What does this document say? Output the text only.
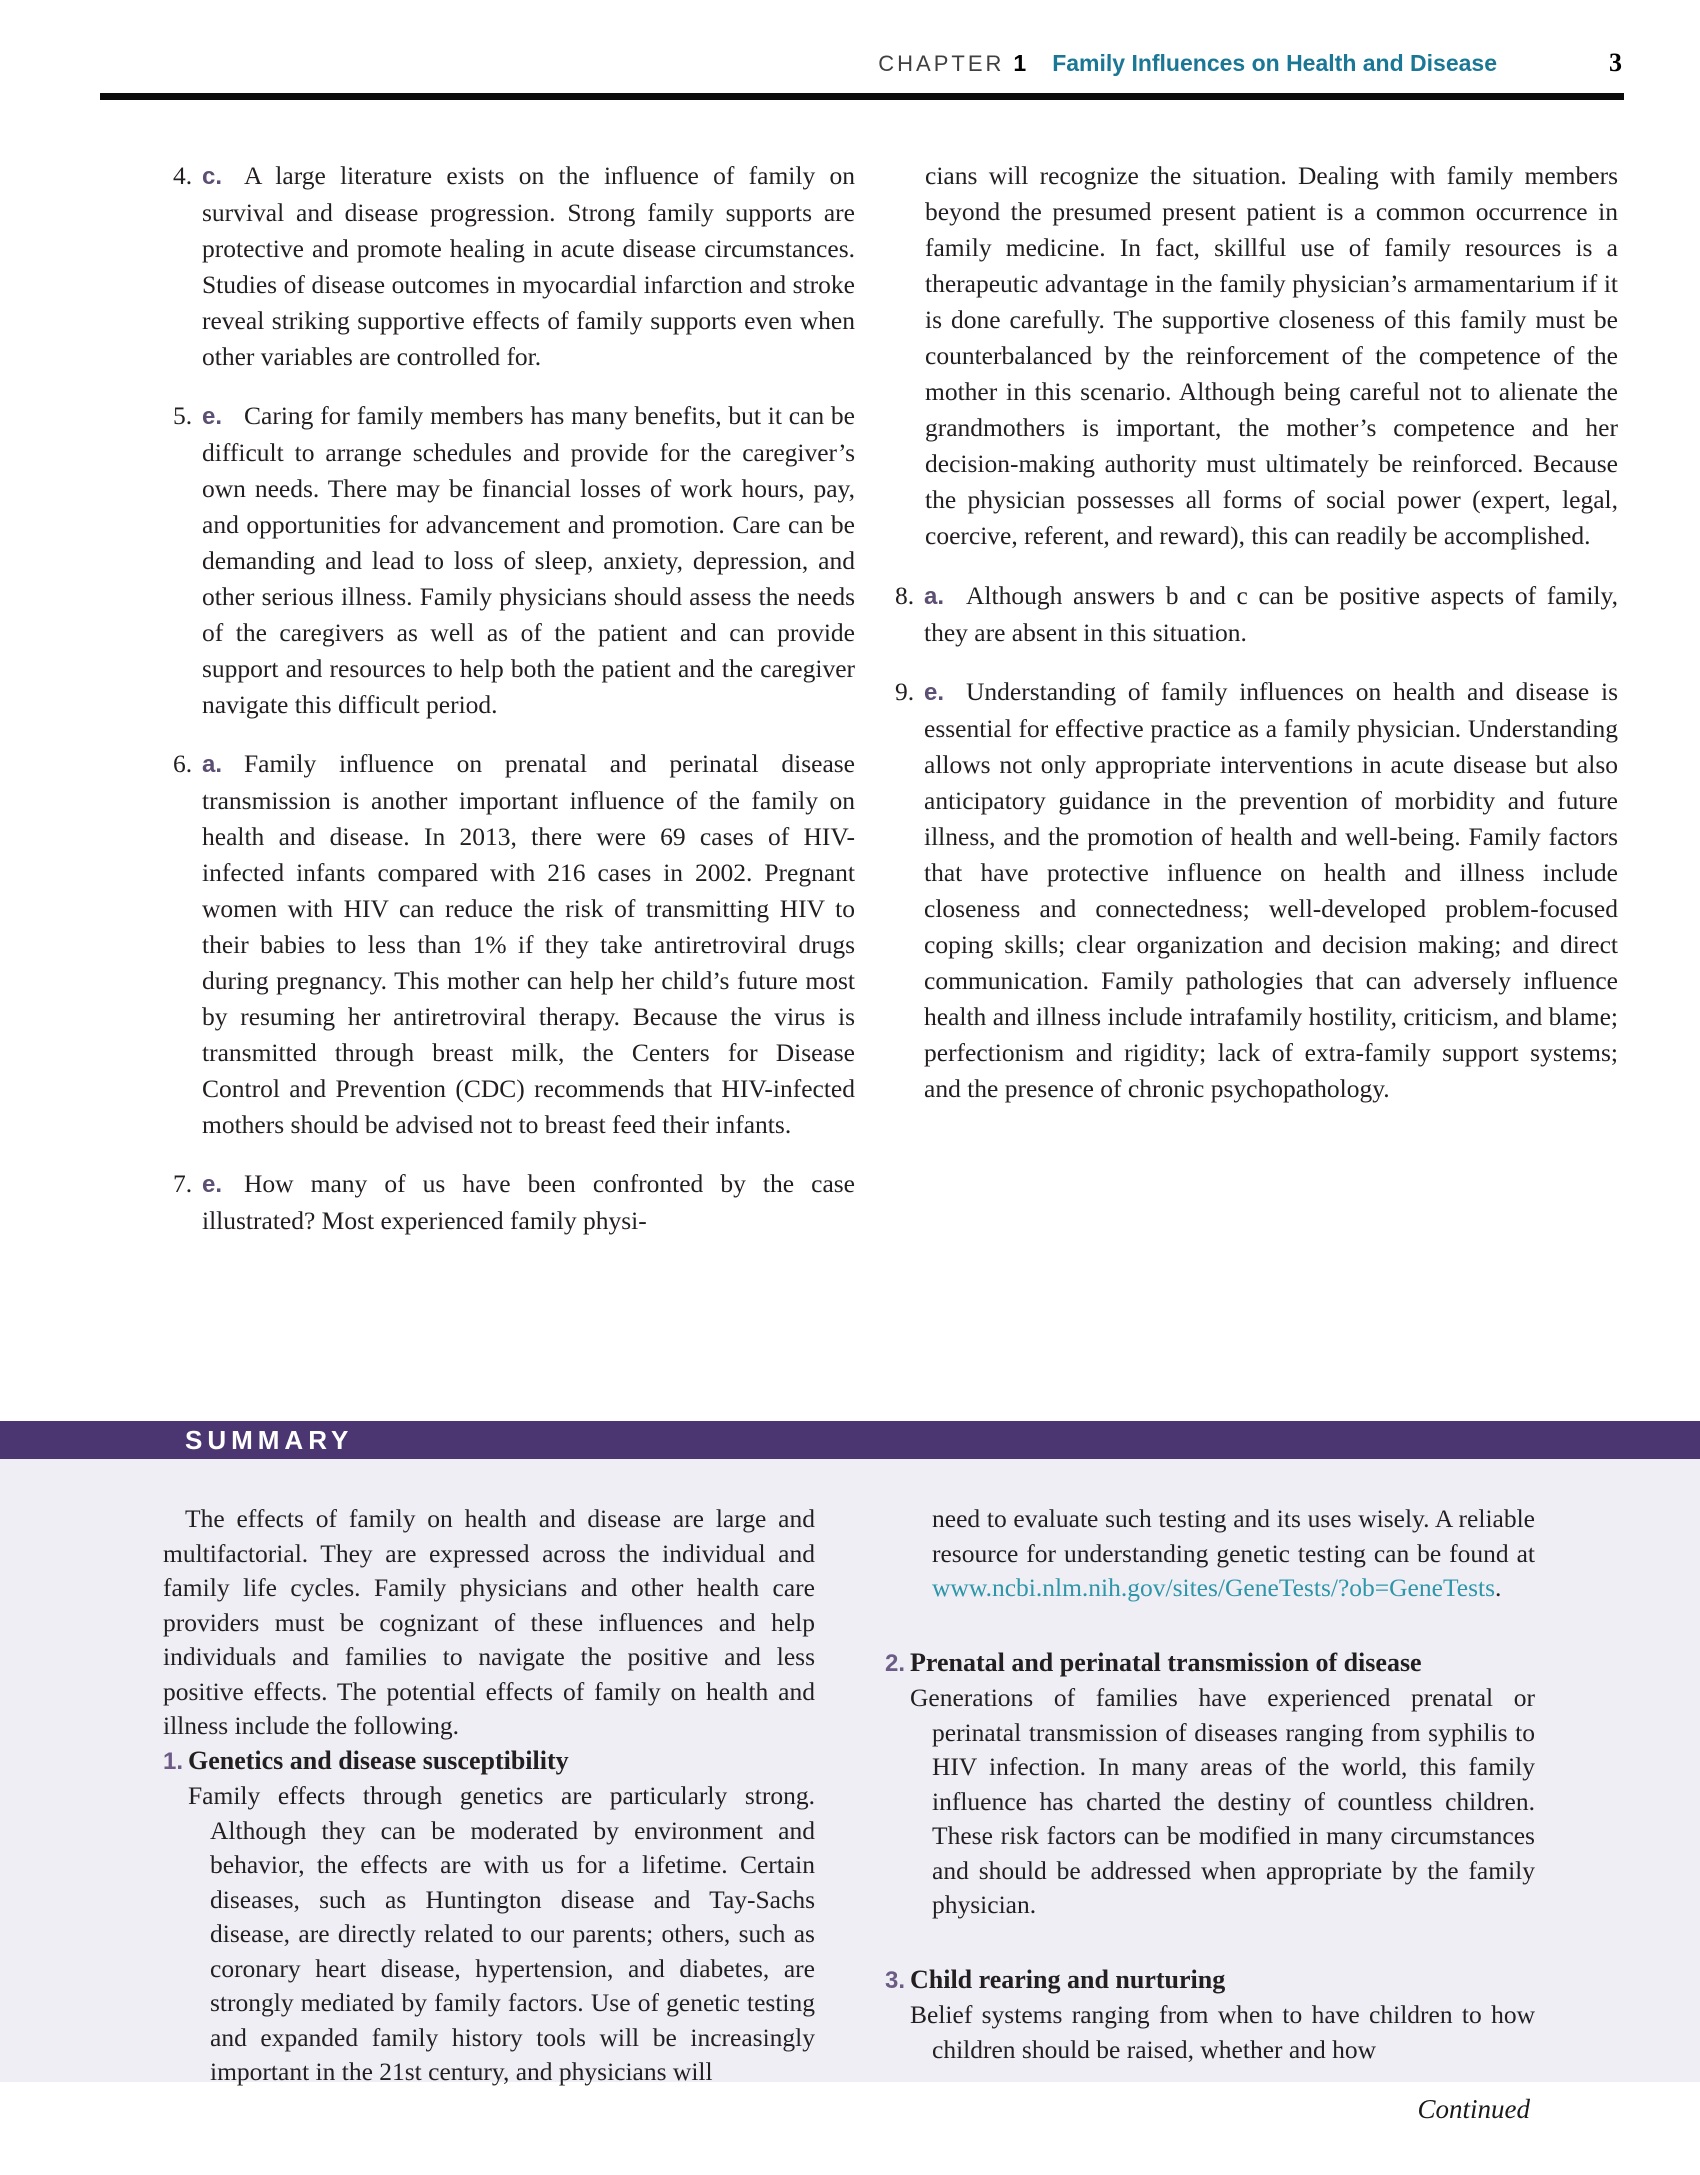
CHAPTER 1 Family Influences on Health and Disease	3
4. c. A large literature exists on the influence of family on survival and disease progression. Strong family supports are protective and promote healing in acute disease circumstances. Studies of disease outcomes in myocardial infarction and stroke reveal striking supportive effects of family supports even when other variables are controlled for.
5. e. Caring for family members has many benefits, but it can be difficult to arrange schedules and provide for the caregiver’s own needs. There may be financial losses of work hours, pay, and opportunities for advancement and promotion. Care can be demanding and lead to loss of sleep, anxiety, depression, and other serious illness. Family physicians should assess the needs of the caregivers as well as of the patient and can provide support and resources to help both the patient and the caregiver navigate this difficult period.
6. a. Family influence on prenatal and perinatal disease transmission is another important influence of the family on health and disease. In 2013, there were 69 cases of HIV-infected infants compared with 216 cases in 2002. Pregnant women with HIV can reduce the risk of transmitting HIV to their babies to less than 1% if they take antiretroviral drugs during pregnancy. This mother can help her child’s future most by resuming her antiretroviral therapy. Because the virus is transmitted through breast milk, the Centers for Disease Control and Prevention (CDC) recommends that HIV-infected mothers should be advised not to breast feed their infants.
7. e. How many of us have been confronted by the case illustrated? Most experienced family physi-

cians will recognize the situation. Dealing with family members beyond the presumed present patient is a common occurrence in family medicine. In fact, skillful use of family resources is a therapeutic advantage in the family physician’s armamentarium if it is done carefully. The supportive closeness of this family must be counterbalanced by the reinforcement of the competence of the mother in this scenario. Although being careful not to alienate the grandmothers is important, the mother’s competence and her decision-making authority must ultimately be reinforced. Because the physician possesses all forms of social power (expert, legal, coercive, referent, and reward), this can readily be accomplished.

8. a. Although answers b and c can be positive aspects of family, they are absent in this situation.
9. e. Understanding of family influences on health and disease is essential for effective practice as a family physician. Understanding allows not only appropriate interventions in acute disease but also anticipatory guidance in the prevention of morbidity and future illness, and the promotion of health and well-being. Family factors that have protective influence on health and illness include closeness and connectedness; well-developed problem-focused coping skills; clear organization and decision making; and direct communication. Family pathologies that can adversely influence health and illness include intrafamily hostility, criticism, and blame; perfectionism and rigidity; lack of extra-family support systems; and the presence of chronic psychopathology.
SUMMARY

The effects of family on health and disease are large and multifactorial. They are expressed across the individual and family life cycles. Family physicians and other health care providers must be cognizant of these influences and help individuals and families to navigate the positive and less positive effects. The potential effects of family on health and illness include the following.

1. Genetics and disease susceptibility

Family effects through genetics are particularly strong. Although they can be moderated by environment and behavior, the effects are with us for a lifetime. Certain diseases, such as Huntington disease and Tay-Sachs disease, are directly related to our parents; others, such as coronary heart disease, hypertension, and diabetes, are strongly mediated by family factors. Use of genetic testing and expanded family history tools will be increasingly important in the 21st century, and physicians will

need to evaluate such testing and its uses wisely. A reliable resource for understanding genetic testing can be found at www.ncbi.nlm.nih.gov/sites/GeneTests/?ob=GeneTests.

2. Prenatal and perinatal transmission of disease

Generations of families have experienced prenatal or perinatal transmission of diseases ranging from syphilis to HIV infection. In many areas of the world, this family influence has charted the destiny of countless children. These risk factors can be modified in many circumstances and should be addressed when appropriate by the family physician.

3. Child rearing and nurturing

Belief systems ranging from when to have children to how children should be raised, whether and how

Continued
